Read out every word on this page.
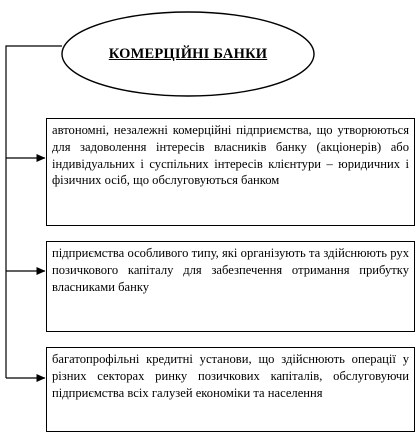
КОМЕРЦІЙНІ БАНКИ
автономні, незалежні комерційні підприємства, що утворюються для задоволення інтересів власників банку (акціонерів) або індивідуальних і суспільних інтересів клієнтури – юридичних і фізичних осіб, що обслуговуються банком
підприємства особливого типу, які організують та здійснюють рух позичкового капіталу для забезпечення отримання прибутку власниками банку
багатопрофільні кредитні установи, що здійснюють операції у різних секторах ринку позичкових капіталів, обслуговуючи підприємства всіх галузей економіки та населення
